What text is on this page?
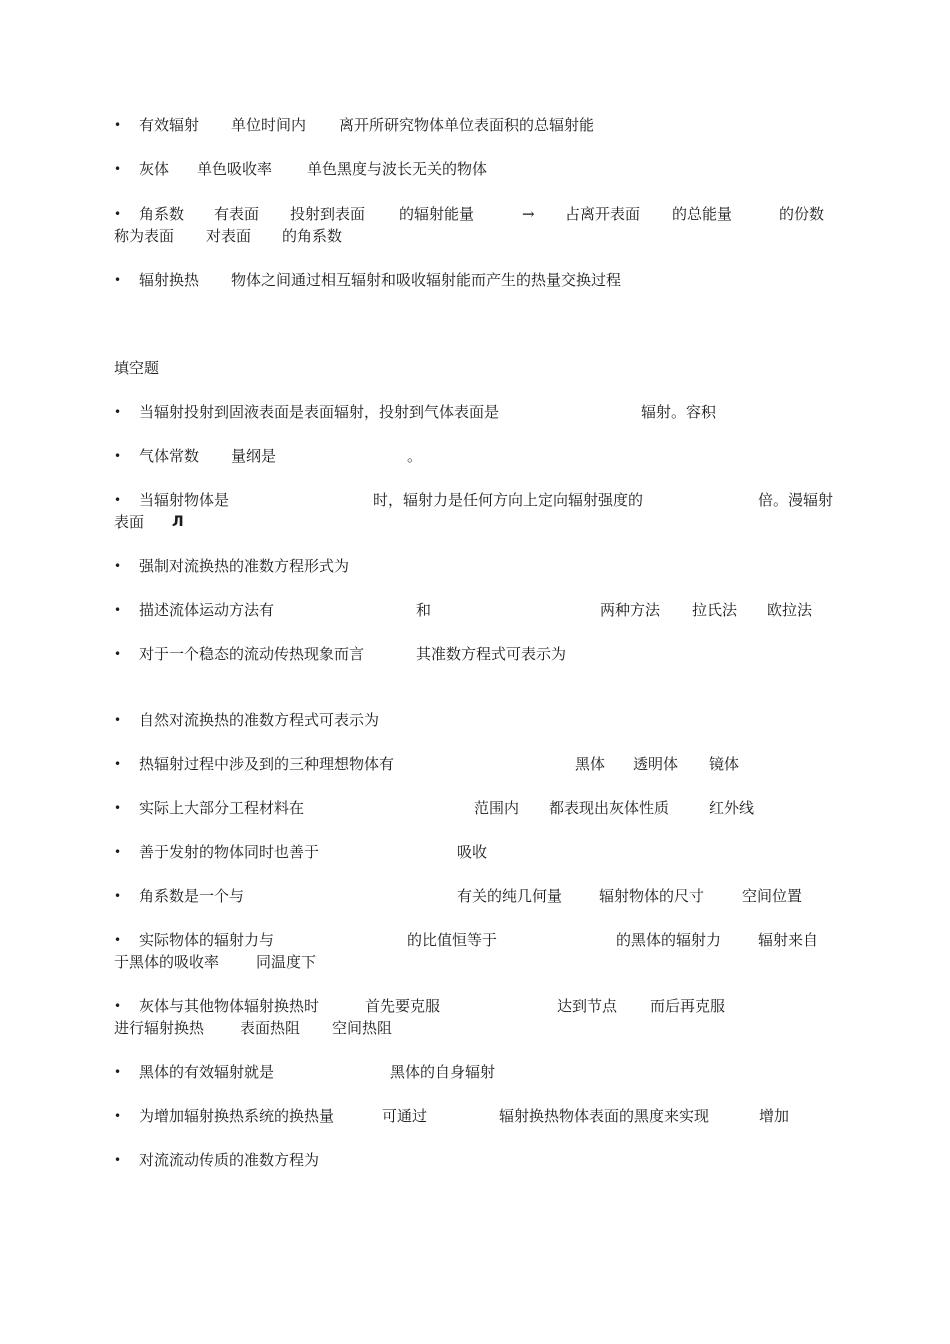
• 有效辐射 单位时间内 离开所研究物体单位表面积的总辐射能
• 灰体 单色吸收率 单色黑度与波长无关的物体
• 角系数 有表面 投射到表面 的辐射能量	→ 占离开表面 的总能量	的份数
称为表面 对表面 的角系数
• 辐射换热 物体之间通过相互辐射和吸收辐射能而产生的热量交换过程
填空题
• 当辐射投射到固液表面是表面辐射，投射到气体表面是	辐射。容积
• 气体常数 量纲是	。
• 当辐射物体是	时，辐射力是任何方向上定向辐射强度的	倍。漫辐射
表面 Л
• 强制对流换热的准数方程形式为
• 描述流体运动方法有	和	两种方法 拉氏法 欧拉法
• 对于一个稳态的流动传热现象而言	其准数方程式可表示为
• 自然对流换热的准数方程式可表示为
• 热辐射过程中涉及到的三种理想物体有	黑体 透明体 镜体
• 实际上大部分工程材料在	范围内 都表现出灰体性质	红外线
• 善于发射的物体同时也善于	吸收
• 角系数是一个与	有关的纯几何量 辐射物体的尺寸	空间位置
• 实际物体的辐射力与	的比值恒等于	的黑体的辐射力 辐射来自
于黑体的吸收率 同温度下
• 灰体与其他物体辐射换热时	首先要克服	达到节点 而后再克服
进行辐射换热 表面热阻 空间热阻
• 黑体的有效辐射就是	黑体的自身辐射
• 为增加辐射换热系统的换热量	可通过	辐射换热物体表面的黑度来实现	增加
• 对流流动传质的准数方程为
